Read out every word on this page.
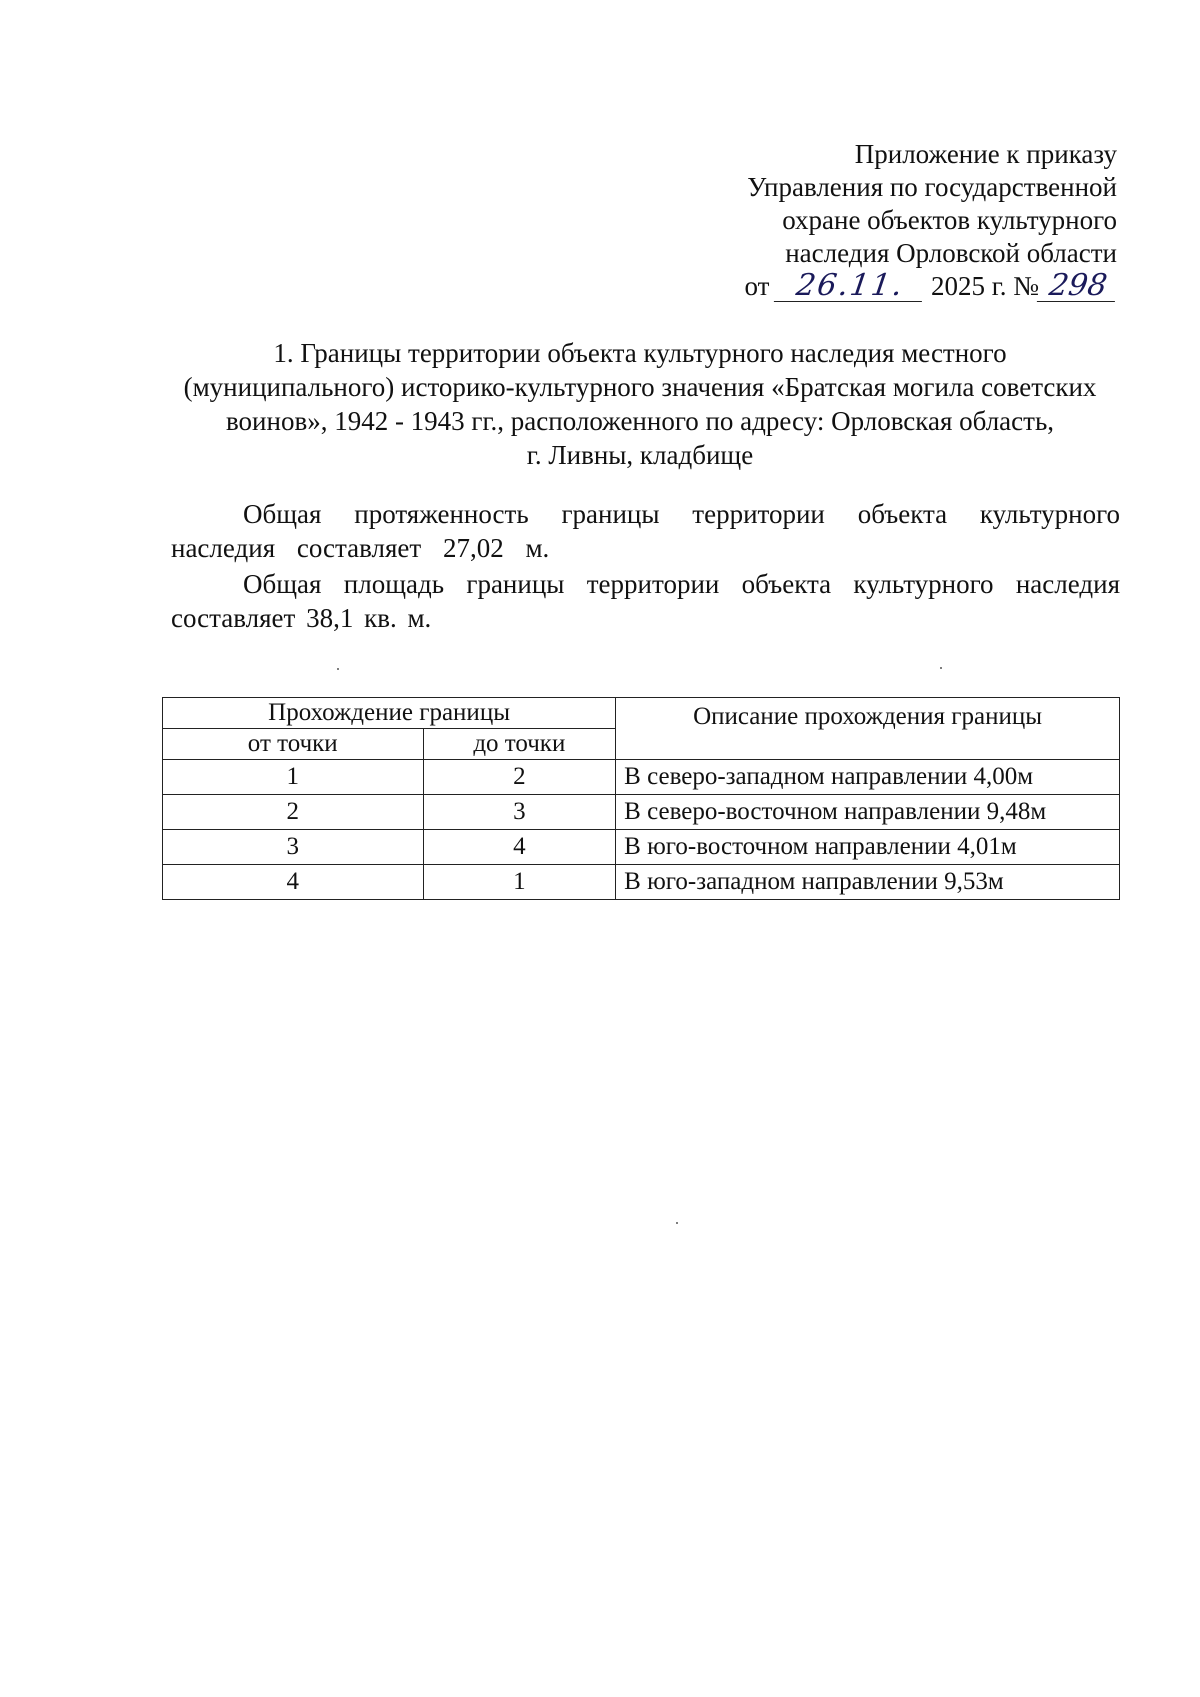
Приложение к приказу
Управления по государственной
охране объектов культурного
наследия Орловской области
от 26.11. 2025 г. № 298
1. Границы территории объекта культурного наследия местного
(муниципального) историко-культурного значения «Братская могила советских
воинов», 1942 - 1943 гг., расположенного по адресу: Орловская область,
г. Ливны, кладбище

Общая протяженность границы территории объекта культурного наследия составляет 27,02 м.

Общая площадь границы территории объекта культурного наследия составляет 38,1 кв. м.

Прохождение границы		Описание прохождения границы
от точки	до точки	
1	2	В северо-западном направлении 4,00м
2	3	В северо-восточном направлении 9,48м
3	4	В юго-восточном направлении 4,01м
4	1	В юго-западном направлении 9,53м
